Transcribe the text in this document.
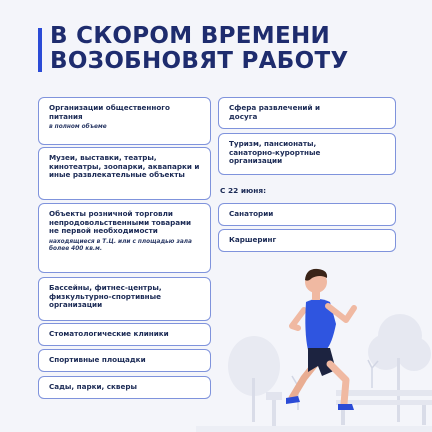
В СКОРОМ ВРЕМЕНИ ВОЗОБНОВЯТ РАБОТУ
Организации общественного питания
в полном объеме
Музеи, выставки, театры, кинотеатры, зоопарки, аквапарки и иные развлекательные объекты
Объекты розничной торговли непродовольственными товарами не первой необходимости
находящиеся в Т.Ц. или с площадью зала более 400 кв.м.
Бассейны, фитнес-центры, физкультурно-спортивные организации
Стоматологические клиники
Спортивные площадки
Сады, парки, скверы
Сфера развлечений и досуга
Туризм, пансионаты, санаторно-курортные организации
С 22 июня:
Санатории
Каршеринг
